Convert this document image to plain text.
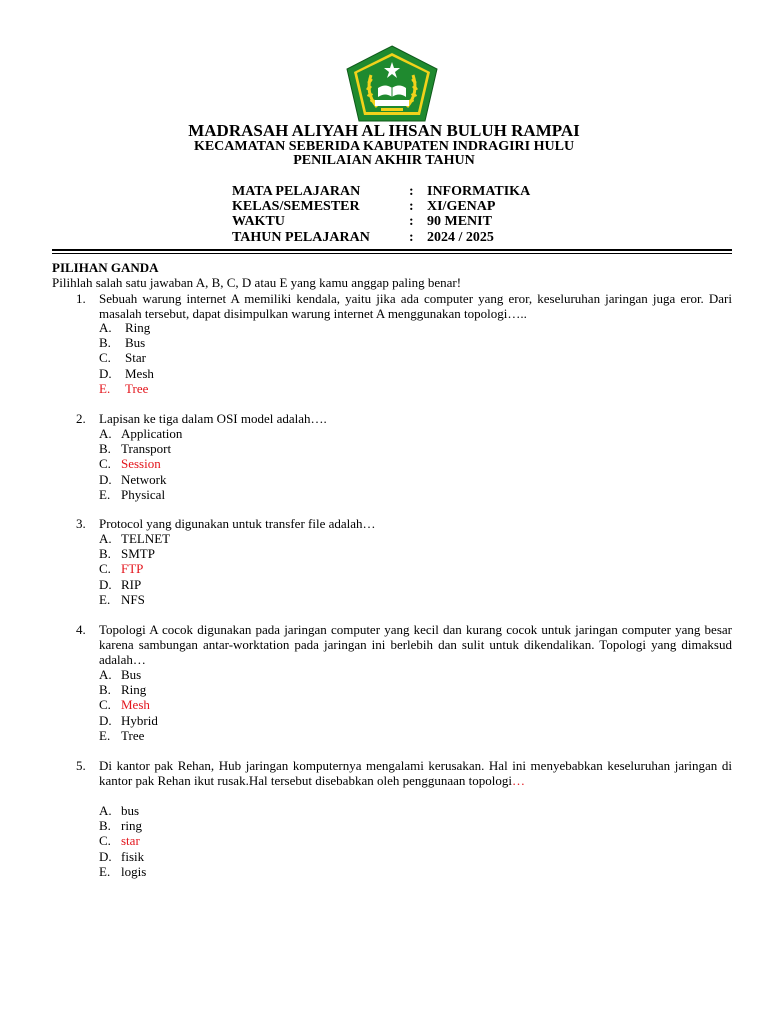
MADRASAH ALIYAH AL IHSAN BULUH RAMPAI
KECAMATAN SEBERIDA KABUPATEN INDRAGIRI HULU
PENILAIAN AKHIR TAHUN
MATA PELAJARAN	: INFORMATIKA
KELAS/SEMESTER	: XI/GENAP
WAKTU	: 90 MENIT
TAHUN PELAJARAN	: 2024 / 2025
PILIHAN GANDA
Pilihlah salah satu jawaban A, B, C, D atau E yang kamu anggap paling benar!
1. Sebuah warung internet A memiliki kendala, yaitu jika ada computer yang eror, keseluruhan jaringan juga eror. Dari masalah tersebut, dapat disimpulkan warung internet A menggunakan topologi…..
A. Ring
B. Bus
C. Star
D. Mesh
E. Tree
2. Lapisan ke tiga dalam OSI model adalah….
A. Application
B. Transport
C. Session
D. Network
E. Physical
3. Protocol yang digunakan untuk transfer file adalah…
A. TELNET
B. SMTP
C. FTP
D. RIP
E. NFS
4. Topologi A cocok digunakan pada jaringan computer yang kecil dan kurang cocok untuk jaringan computer yang besar karena sambungan antar-worktation pada jaringan ini berlebih dan sulit untuk dikendalikan. Topologi yang dimaksud adalah…
A. Bus
B. Ring
C. Mesh
D. Hybrid
E. Tree
5. Di kantor pak Rehan, Hub jaringan komputernya mengalami kerusakan. Hal ini menyebabkan keseluruhan jaringan di kantor pak Rehan ikut rusak.Hal tersebut disebabkan oleh penggunaan topologi…
A. bus
B. ring
C. star
D. fisik
E. logis
